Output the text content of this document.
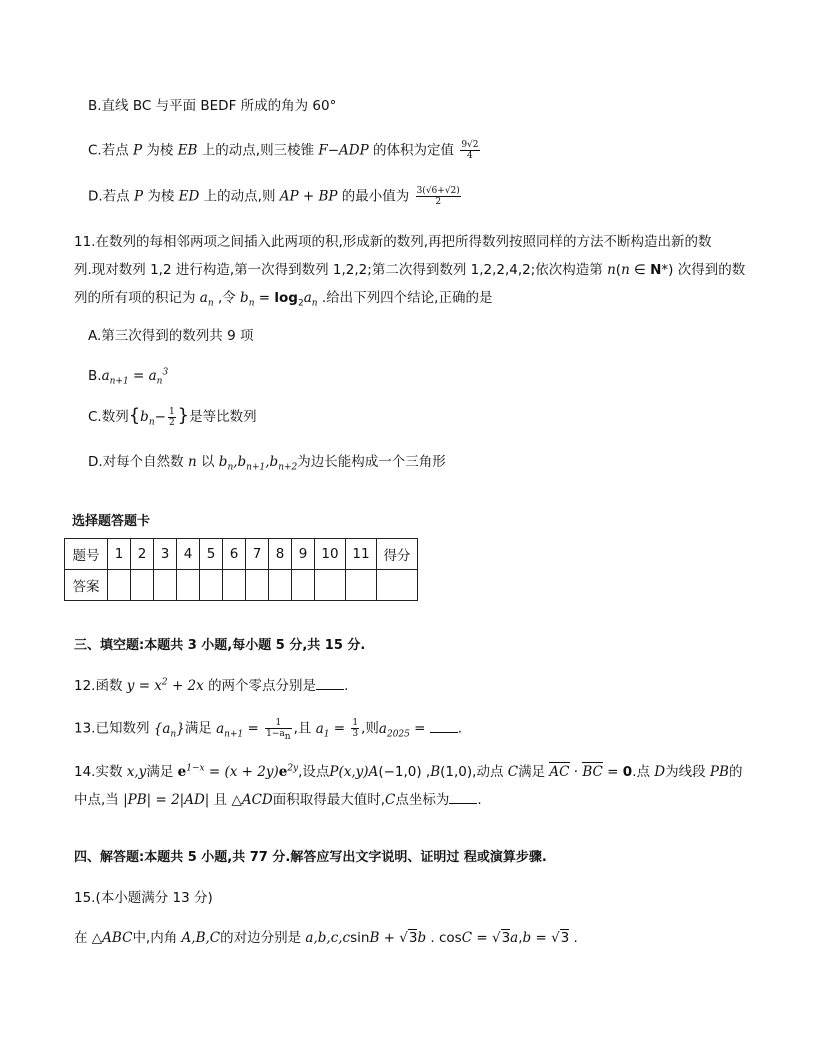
B.直线 BC 与平面 BEDF 所成的角为 60°
C.若点 P 为棱 EB 上的动点,则三棱锥 F−ADP 的体积为定值 $\frac{9√2}{4}$
D.若点 P 为棱 ED 上的动点,则 AP + BP 的最小值为 $\frac{3(√6+√2)}{2}$
11.在数列的每相邻两项之间插入此两项的积,形成新的数列,再把所得数列按照同样的方法不断构造出新的数
列.现对数列 1,2 进行构造,第一次得到数列 1,2,2;第二次得到数列 1,2,2,4,2;依次构造第 n(n ∈ N*) 次得到的数
列的所有项的积记为 $a_n$ ,令 $b_n = \log_2a_n$ .给出下列四个结论,正确的是
A.第三次得到的数列共 9 项
$B.a_{n+1} = a_n^3$
C.数列{$b_n- \frac{1}{2}$ }是等比数列
D.对每个自然数 n 以 $b_n,b_{n+1},b_{n+2}$为边长能构成一个三角形
选择题答题卡
题号	1	2	3	4	5	6	7	8	9	10	11	得分
答案												
三、填空题:本题共 3 小题,每小题 5 分,共 15 分.
12.函数 $y = x^2 + 2x$ 的两个零点分别是 .
13.已知数列 $\{a_n\}$满足 $a_{n+1} = \frac{1}{1-a_n}$ ,且 $a_1 = \frac{1}{3}$ ,则$a_{2025}$ = .
14.实数 x,y满足 $e^{1-x} = (x + 2y)e^{2y}$,设点P(x,y)A(−1,0) ,B(1,0),动点 C满足 AC · BC = 0.点 D为线段 PB的
中点,当 |PB| = 2|AD| 且 △ACD面积取得最大值时,C点坐标为 .
四、解答题:本题共 5 小题,共 77 分.解答应写出文字说明、证明过 程或演算步骤.
15.(本小题满分 13 分)
在 △ABC中,内角 A,B,C的对边分别是 a,b,c,csinB + √3b . cosC = √3a,b = √3 .
